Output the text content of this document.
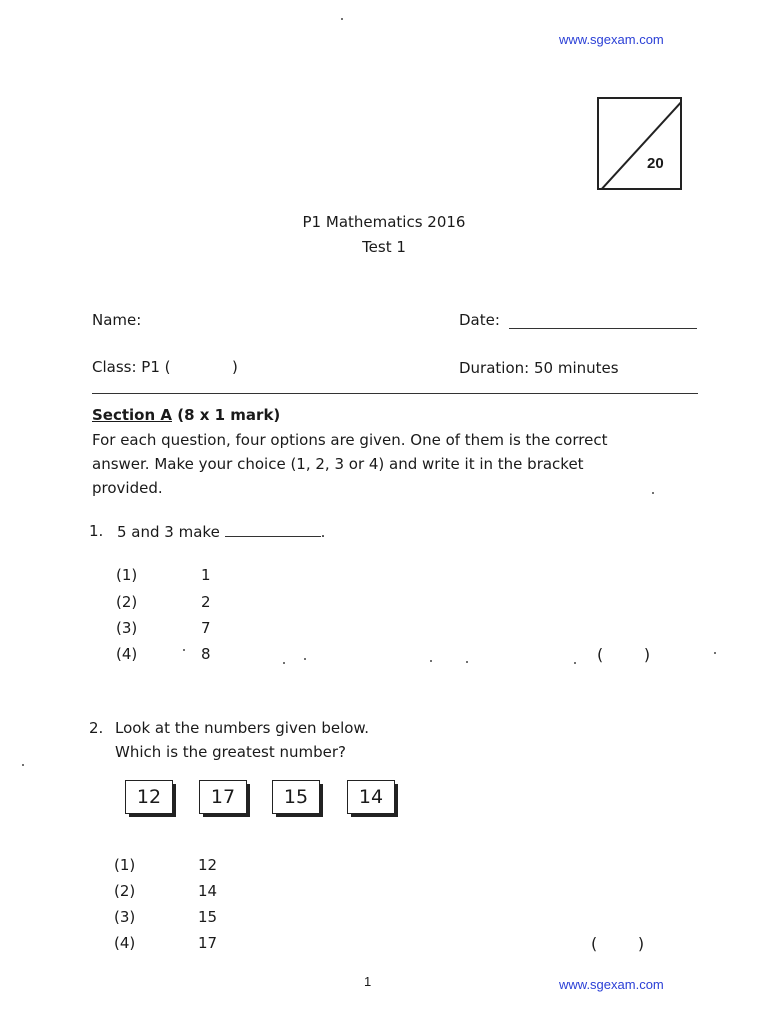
www.sgexam.com
20
P1 Mathematics 2016
Test 1
Name:	Date:
Class: P1 (	)	Duration: 50 minutes
Section A (8 x 1 mark)
For each question, four options are given. One of them is the correct
answer. Make your choice (1, 2, 3 or 4) and write it in the bracket
provided.
1. 5 and 3 make	.
(1)	1
(2)	2
(3)	7
(4)	8	(        )
2. Look at the numbers given below.
Which is the greatest number?
12	17	15	14
(1)	12
(2)	14
(3)	15
(4)	17	(        )
1	www.sgexam.com
